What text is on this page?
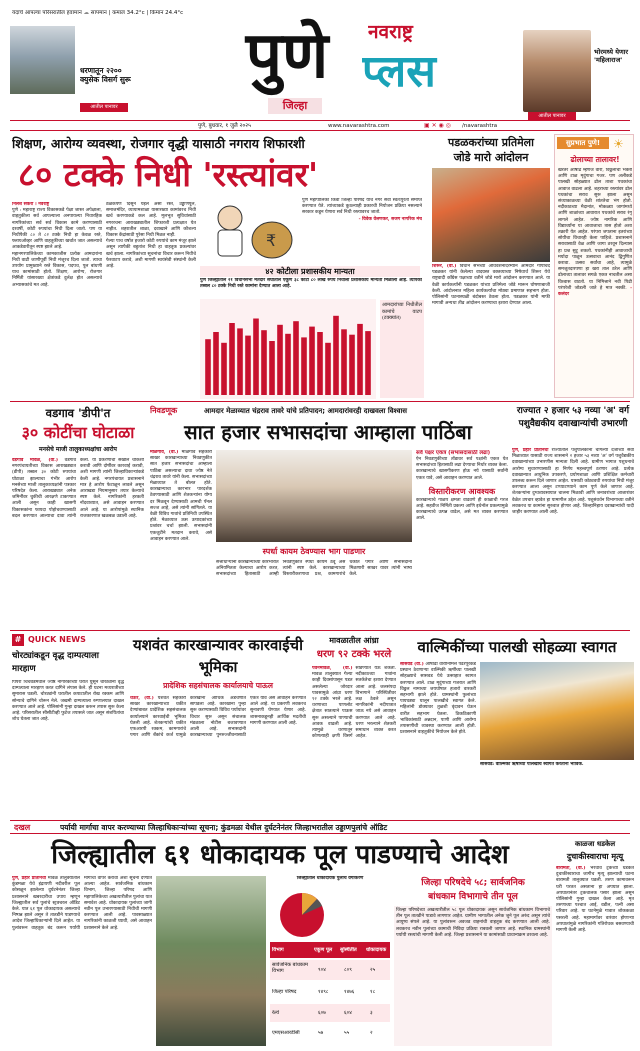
यंदाचे आपल्या परिसरातील हवामान ☁ सापमान | कमाल 34.2°c | किमान 24.4°c
धरणातून २२०० क्युसेक विसर्ग सुरू
आतील पानावर
पुणे
जिल्हा
नवराष्ट्र
प्लस	भोरमध्ये येणार 'महिलाराज'
आतील पानावर
पुणे, बुधवार, १ जुलै २०२५	www.navarashtra.com	▣ ✕ ◉ ◎	/navarashtra
शिक्षण, आरोग्य व्यवस्था, रोजगार वृद्धी यासाठी नगराय शिफारशी
८० टक्के निधी 'रस्त्यांवर'
निलेश संकरा । नवराष्ट्र
पुणे : महाराष्ट्र राज्य विकासकडे पेक्षा जास्त अपेक्षाला, वाहतुकीला सर्व आपल्याला अनपायल्या निधारहिक नागरिकांच्या सर्व सर्व विकास कामे करण्यासाठी दरवर्षी, कोटी रुपयांचा निधी दिला जातो. पण या निधीपैकी ८० ते ८२ टक्के निधी हा केवळ रस्ते, फ्लायओव्हर आणि वाहतूकीच्या खर्चात जात असल्याचे आकडेवारीतून स्पष्ट झाले आहे.
महानगरपालिकेच्या कामकाजीस प्रत्येक आमदारांना निधी वाढी जाणीपूर्वी निधी मंजूरच दिला जातो. त्याचा उपयोग प्रामुख्याने रस्ते विकास, पदपथ, पूल बांधणी याच कामांसाठी होतो. शिक्षण, आरोग्य, रोजगार निर्मिती यांसारख्या क्षेत्रांकडे दुर्लक्ष होत असल्याचे अभ्यासकांचे मत आहे.
ठळकपणे दिसून येईल असा रस्ते, उड्डाणपूल, समाजमंदिर, व्यायामशाळा यासारख्या कामांवरच निधी खर्च करण्याकडे कल आहे. मूलभूत सुविधांसाठी नगररचना आराखड्यातील शिफारशी प्रत्यक्षात येत नाहीत. शहरातील शाळा, दवाखाने आणि कौशल्य विकास केंद्रांसाठी पुरेसा निधी मिळत नाही.
गेल्या पाच वर्षात हजारो कोटी रुपयांचे काम मंजूर झाले असून त्यापैकी बहुतांश निधी हा वाहतूक प्रकल्पांवर खर्च झाला. नागरिकांच्या सूचनांचा विचार करून निधीचे फेरवाटप करावे, अशी मागणी स्वयंसेवी संस्थांनी केली आहे.
₹
पुणे महापालिका किंवा जिल्हा परिषद यांचे नगर सेवा स्वतःपुरती समाप्त करण्यात येते. त्यांच्याकडे कुठल्याही प्रकारची नियोजन प्रक्रिया नसल्याने सरकार कडून येणारा सर्व निधी रस्त्यावरच जातो.
- विवेक वेलणकर, सजग नागरिक मंच
४२ कोटीला प्रशासकीय मान्यता
पुणे जिल्ह्यातील २१ विधानसभा मतदार संघातील एकूण ३८ कोटी ८० लाख रुपये निधीला प्रशासकीय मान्यता मिळाली आहे. त्यापैकी तब्बल ८० टक्के निधी रस्ते कामांना देण्यात आला आहे.
आमदारांच्या निधीतील कामांचे वाटप (टक्क्यांत)
पडळकरांच्या प्रतिमेला
जोडे मारो आंदोलन
शिरूर, (वा.) विधान सभेच्या अधिवेशनादरम्यान आमदार गोपीचंद पडळकर यांनी केलेल्या वादग्रस्त वक्तव्याच्या निषेधार्थ शिरूर येथे राष्ट्रवादी काँग्रेस पक्षाच्या वतीने जोडे मारो आंदोलन करण्यात आले. या वेळी कार्यकर्त्यांनी पडळकर यांच्या प्रतिमेला जोडे मारून घोषणाबाजी केली. आंदोलनात महिला कार्यकर्त्यांचा मोठ्या प्रमाणात सहभाग होता. पोलिसांनी घटनास्थळी बंदोबस्त ठेवला होता. पडळकर यांनी माफी मागावी अन्यथा तीव्र आंदोलन करण्याचा इशारा देण्यात आला.
सुप्रभात पुणे!	☀
ढोलाच्या तालावर!
खरंतर आषाढ म्हणजे वारी, विठ्ठलाची भक्ती आणि टाळ मृदुंगाचा गजर. पण अलीकडे पालखी सोहळ्यात ढोल ताशा पथकांचा आवाज वाढला आहे. शहराच्या रस्त्यांवर ढोल पथकांचा सराव सुरू झाला असून संध्याकाळच्या वेळी शांततेचा भंग होतो. नदीकाठच्या मैदानांत, मोकळ्या जागांमध्ये आणि शाळांच्या आवारात पथकांचे सराव रंगू लागले आहेत. ज्येष्ठ नागरिक आणि विद्यार्थ्यांना या आवाजाचा त्रास होतो अशा तक्रारी येत आहेत. परंपरा जपताना इतरांच्या सोयीचा विचारही केला पाहिजे. प्रशासनाने सरावासाठी वेळ आणि जागा ठरवून दिल्यास हा प्रश्न सुटू शकतो. पथकांनीही आवाजाची मर्यादा पाळून उत्सवाचा आनंद द्विगुणित करावा. उत्सव सर्वांचा आहे, त्यामुळे समजूतदारपणा हा खरा ताल ठरेल आणि ढोलाच्या तालावर सगळे एकत्र नाचतील असा विश्वास वाटतो. या निमित्ताने नवी पिढी परंपरेशी जोडली जाते हे मात्र नक्की. - कलंदर
वडगाव 'डीपी'त
३० कोटींचा घोटाळा
मनसेचे माजी तालुकाध्यक्षांचा आरोप
वडगाव मावळ, (वा.) वडगाव नगरपंचायतीच्या विकास आराखड्यात (डीपी) तब्बल ३० कोटी रुपयांचा घोटाळा झाल्याचा गंभीर आरोप मनसेच्या माजी तालुकाध्यक्षांनी पत्रकार परिषदेत केला. आराखड्यात अनेक जमिनींवर चुकीची आरक्षणे टाकण्यात आली असून काही खासगी विकासकांना फायदा पोहोचवण्यासाठी बदल करण्यात आल्याचा दावा त्यांनी केला. या प्रकरणाची सखोल चौकशी करावी आणि दोषींवर कारवाई करावी, अशी मागणी त्यांनी जिल्हाधिकाऱ्यांकडे केली आहे. नगरपंचायत प्रशासनाने मात्र हे आरोप फेटाळून लावले असून आराखडा नियमानुसार तयार केल्याचे स्पष्ट केले. नागरिकांनी हरकती नोंदवाव्यात, असे आवाहन करण्यात आले आहे. या आरोपांमुळे स्थानिक राजकारणात खळबळ उडाली आहे.
निवडणूक	आमदार मेळाव्यात चंद्रराव तावरे यांचे प्रतिपादन; आमदारांवरही दाखवला विश्वास
सात हजार सभासदांचा आम्हाला पाठिंबा
माळेगाव, (वा.) माळेगाव सहकारी साखर कारखान्याच्या निवडणुकीत सात हजार सभासदांचा आम्हाला पाठिंबा असल्याचा दावा ज्येष्ठ नेते चंद्रराव तावरे यांनी केला. सभासदांच्या मेळाव्यात ते बोलत होते. कारखान्याचा कारभार पारदर्शक ठेवण्यासाठी आणि शेतकऱ्यांना योग्य दर मिळवून देण्यासाठी आमची पॅनल सज्ज आहे, असे त्यांनी सांगितले. या वेळी विविध गावांचे प्रतिनिधी उपस्थित होते. मेळाव्यात ऊस उत्पादकांच्या प्रश्नांवर चर्चा झाली. सभासदांनी एकजुटीने मतदान करावे, असे आवाहन करण्यात आले.
स्पर्धा कायम ठेवण्यास भाग पाडणार
सत्ताधाऱ्यांनी कारखान्याच्या कारभारात अनियमितता केल्याचा आरोप करत, सभासदांच्या हितासाठी आम्ही निवडणुकीत स्पर्धा कायम ठेवू असे त्यांनी स्पष्ट केले. कारखान्याच्या विस्तारीकरणाचा प्रश्न, कामगारांचे थकीत पगार आणि सभासदांना मिळणारी साखर यावर त्यांनी भाष्य केले.
सर्व पक्षर एकत्र (सभासदांसाठी लढा)
ऐन निवडणुकीच्या तोंडावर सर्व पक्षांनी एकत्र येत सभासदांच्या हितासाठी लढा देण्याचा निर्धार व्यक्त केला. कारखान्याचे खासगीकरण होऊ नये यासाठी सर्वांनी एकत्र यावे, असे आवाहन करण्यात आले.
विस्तारीकरण आवश्यक
कारखान्याचे गाळप क्षमता वाढवणे ही काळाची गरज आहे. सहवीज निर्मिती प्रकल्प आणि इथेनॉल प्रकल्पामुळे कारखान्याचे उत्पन्न वाढेल, असे मत व्यक्त करण्यात आले.
राज्यात २ हजार ५३ नव्या 'अ' वर्ग पशुवैद्यकीय दवाखान्यांची उभारणी
पुणे, प्रहार प्रतिनिधी राज्यातील पशुपालकांना चांगल्या दर्जाच्या सेवा मिळाव्यात यासाठी राज्य शासनाने २ हजार ५३ नव्या 'अ' वर्ग पशुवैद्यकीय दवाखान्यांच्या उभारणीस मान्यता दिली आहे. ग्रामीण भागात पशुधनाचे आरोग्य सुधारण्यासाठी हा निर्णय महत्त्वपूर्ण ठरणार आहे. प्रत्येक दवाखान्यात आधुनिक उपकरणे, प्रयोगशाळा आणि प्रशिक्षित कर्मचारी उपलब्ध करून दिले जाणार आहेत. यासाठी कोट्यवधी रुपयांचा निधी मंजूर करण्यात आला असून टप्प्याटप्प्याने काम पूर्ण केले जाणार आहे. शेतकऱ्यांना दुग्धव्यवसायात चालना मिळावी आणि जनावरांच्या आजारांवर वेळेत उपचार व्हावेत हा यामागील उद्देश आहे. पशुसंवर्धन विभागाच्या वतीने लवकरच या कामांना सुरुवात होणार आहे. जिल्हानिहाय दवाखान्यांची यादी जाहीर करण्यात आली आहे.
# QUICK NEWS
चोरट्यांकडून वृद्ध दाम्पत्याला मारहाण
पिंपरी चिंचवडमधील ज्येष्ठ नागरिकांच्या घरात घुसून चोरट्यांनी वृद्ध दाम्पत्याला मारहाण करत दागिने लंपास केले. ही घटना मध्यरात्रीच्या सुमारास घडली. चोरट्यांनी घरातील कपाटातील रोख रक्कम आणि सोन्याचे दागिने चोरून नेले. जखमी दाम्पत्याला रुग्णालयात दाखल करण्यात आले आहे. पोलिसांनी गुन्हा दाखल करून तपास सुरू केला आहे. परिसरातील सीसीटीव्ही फुटेज तपासले जात असून संशयितांचा शोध घेतला जात आहे.
यशवंत कारखान्यावर कारवाईची भूमिका
प्रादेशिक सहसंचालक कार्यालयाचे पाऊल
थेऊर, (वा.) यशवंत सहकारी साखर कारखान्याच्या थकीत देण्यांबाबत प्रादेशिक सहसंचालक कार्यालयाने कारवाईची भूमिका घेतली आहे. शेतकऱ्यांची थकीत एफआरपी रक्कम, कामगारांचे पगार आणि बँकांचे कर्ज यामुळे कारखाना आर्थिक अडचणीत सापडला आहे. कारखाना पुन्हा सुरू करण्यासाठी विविध पर्यायांवर विचार सुरू असून संचालक मंडळाला नोटीस बजावण्यात आली आहे. सभासदांनी कारखान्याच्या पुनरुज्जीवनासाठी एकत्र यावे असे आवाहन करण्यात आले आहे. या प्रकरणी लवकरच सुनावणी घेण्यात येणार आहे. शासनाकडूनही आर्थिक मदतीची मागणी करण्यात आली आहे.
मावळातील आंध्रा
धरण ९२ टक्के भरले
पवनमावळ, (वा.) मावळ तालुक्यात गेल्या काही दिवसांपासून पडत असलेल्या जोरदार पावसामुळे आंध्रा धरण ९२ टक्के भरले आहे. धरणाच्या पाणलोट क्षेत्रात सातत्याने पाऊस सुरू असल्याने पाण्याची आवक वाढली आहे. त्यामुळे धरणातून कोणत्याही क्षणी विसर्ग सोडण्यात येऊ शकतो. नदीकाठच्या गावांना सतर्कतेचा इशारा देण्यात आला आहे. जलसंपदा विभागाने परिस्थितीवर लक्ष ठेवले असून नागरिकांनी नदीपात्रात जाऊ नये असे आवाहन करण्यात आले आहे. धरण भरल्याने शेतकरी समाधान व्यक्त करत आहेत.
वाल्मिकींच्या पालखी सोहळ्या स्वागत
सासवड (वा.) आषाढी वारीनिमित्त पंढरपूरकडे प्रस्थान ठेवणाऱ्या वाल्मिकी ऋषींच्या पालखी सोहळ्याचे सासवड येथे उत्साहात स्वागत करण्यात आले. टाळ मृदुंगाच्या गजरात आणि विठ्ठल नामाच्या जयघोषात हजारो वारकरी सहभागी झाले होते. ग्रामस्थांनी फुलांच्या पायघड्या घालून पालखीचे स्वागत केले. महिलांनी डोक्यावर तुळशी वृंदावन घेऊन वारीत सहभाग घेतला. ठिकठिकाणी भाविकांसाठी अन्नदान, पाणी आणि आरोग्य तपासणीची व्यवस्था करण्यात आली होती. प्रशासनाने वाहतुकीचे नियोजन केले होते.
सासवड: वाल्मिकी ऋषींच्या पालखीचे स्वागत करताना भाविक.
दखल	पर्यायी मार्गाचा वापर करण्याच्या जिल्हाधिकाऱ्यांच्या सूचना; कुंडमळा येथील दुर्घटनेनंतर जिल्हाभरातील उड्डाणपुलांचे ऑडिट
जिल्ह्यातील ६१ धोकादायक पूल पाडण्याचे आदेश
पुणे, प्रहार प्रतिनिधी मावळ तालुक्यातील कुंडमळा येथे इंद्रायणी नदीवरील पूल कोसळून झालेल्या दुर्घटनेनंतर जिल्हा प्रशासनाने खबरदारीचा उपाय म्हणून जिल्ह्यातील सर्व पुलांचे स्ट्रक्चरल ऑडिट केले. यात ६१ पूल धोकादायक असल्याचे निष्पन्न झाले असून ते तातडीने पाडण्याचे आदेश जिल्हाधिकाऱ्यांनी दिले आहेत. या पुलांवरून वाहतूक बंद करून पर्यायी मार्गाचा वापर करावा अशा सूचना देण्यात आल्या आहेत. सार्वजनिक बांधकाम विभाग, जिल्हा परिषद आणि महापालिकेच्या अखत्यारीतील पुलांचा यात समावेश आहे. धोकादायक पुलांच्या जागी नवीन पूल उभारण्यासाठी निधीची मागणी करण्यात आली आहे. पावसाळ्यात नागरिकांनी काळजी घ्यावी, असे आवाहन प्रशासनाने केले आहे.
जिल्ह्यातील धोकादायक पुलांचे वर्गीकरण
विभाग	एकूण पूल	सुस्थितीत	धोकादायक
सार्वजनिक बांधकाम विभाग	९०४	८०९	२५
जिल्हा परिषद	१४९८	१४७६	१८
रेल्वे	६०७	६०४	३
एमएसआरडीसी	५७	५५	२
जिल्हा परिषदेचे ५८; सार्वजनिक
बांधकाम विभागाचे तीन पूल
जिल्हा परिषदेच्या अखत्यारीतील ५८ पूल धोकादायक असून सार्वजनिक बांधकाम विभागाचे तीन पूल तातडीने पाडावे लागणार आहेत. ग्रामीण भागातील अनेक जुने पूल अरुंद असून त्यांचे आयुष्य संपले आहे. या पुलांवरून अवजड वाहनांची वाहतूक बंद करण्यात आली आहे. लवकरच नवीन पुलांच्या कामाची निविदा प्रक्रिया राबवली जाणार आहे. स्थानिक ग्रामस्थांनी पर्यायी रस्त्यांची मागणी केली आहे. जिल्हा प्रशासनाने या कामांसाठी प्राधान्यक्रम ठरवला आहे.
काळजा धडकेल
दुचाकीस्वाराचा मृत्यू
बारामती, (वा.) भरधाव ट्रकच्या धडकेत दुचाकीस्वाराचा जागीच मृत्यू झाल्याची घटना बारामती तालुक्यात घडली. तरुण कामावरून घरी परतत असताना हा अपघात झाला. अपघातानंतर ट्रकचालक पसार झाला असून पोलिसांनी गुन्हा दाखल केला आहे. मृत तरुणाच्या पश्चात आई, वडील, पत्नी असा परिवार आहे. या घटनेमुळे गावात शोककळा पसरली आहे. महामार्गावर वारंवार होणाऱ्या अपघातांमुळे नागरिकांनी गतिरोधक बसवण्याची मागणी केली आहे.
